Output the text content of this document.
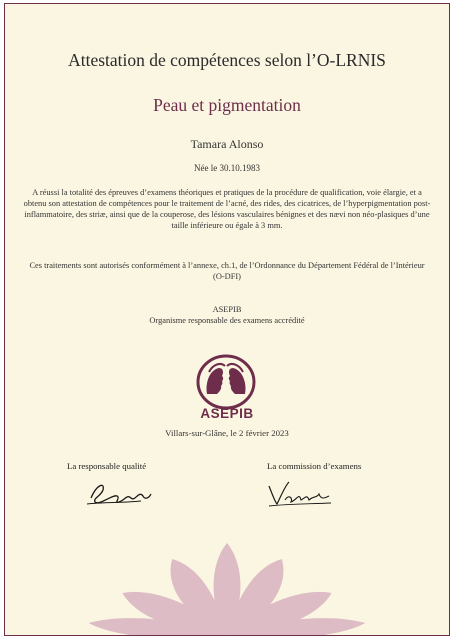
Attestation de compétences selon l’O-LRNIS
Peau et pigmentation
Tamara Alonso
Née le 30.10.1983
A réussi la totalité des épreuves d’examens théoriques et pratiques de la procédure de qualification, voie élargie, et a obtenu son attestation de compétences pour le traitement de l’acné, des rides, des cicatrices, de l’hyperpigmentation post-inflammatoire, des striæ, ainsi que de la couperose, des lésions vasculaires bénignes et des nævi non néo-plasiques d’une taille inférieure ou égale à 3 mm.
Ces traitements sont autorisés conformément à l’annexe, ch.1, de l’Ordonnance du Département Fédéral de l’Intérieur (O-DFI)
ASEPIB
Organisme responsable des examens accrédité
ASEPIB
Villars-sur-Glâne, le 2 février 2023
La responsable qualité	La commission d’examens
